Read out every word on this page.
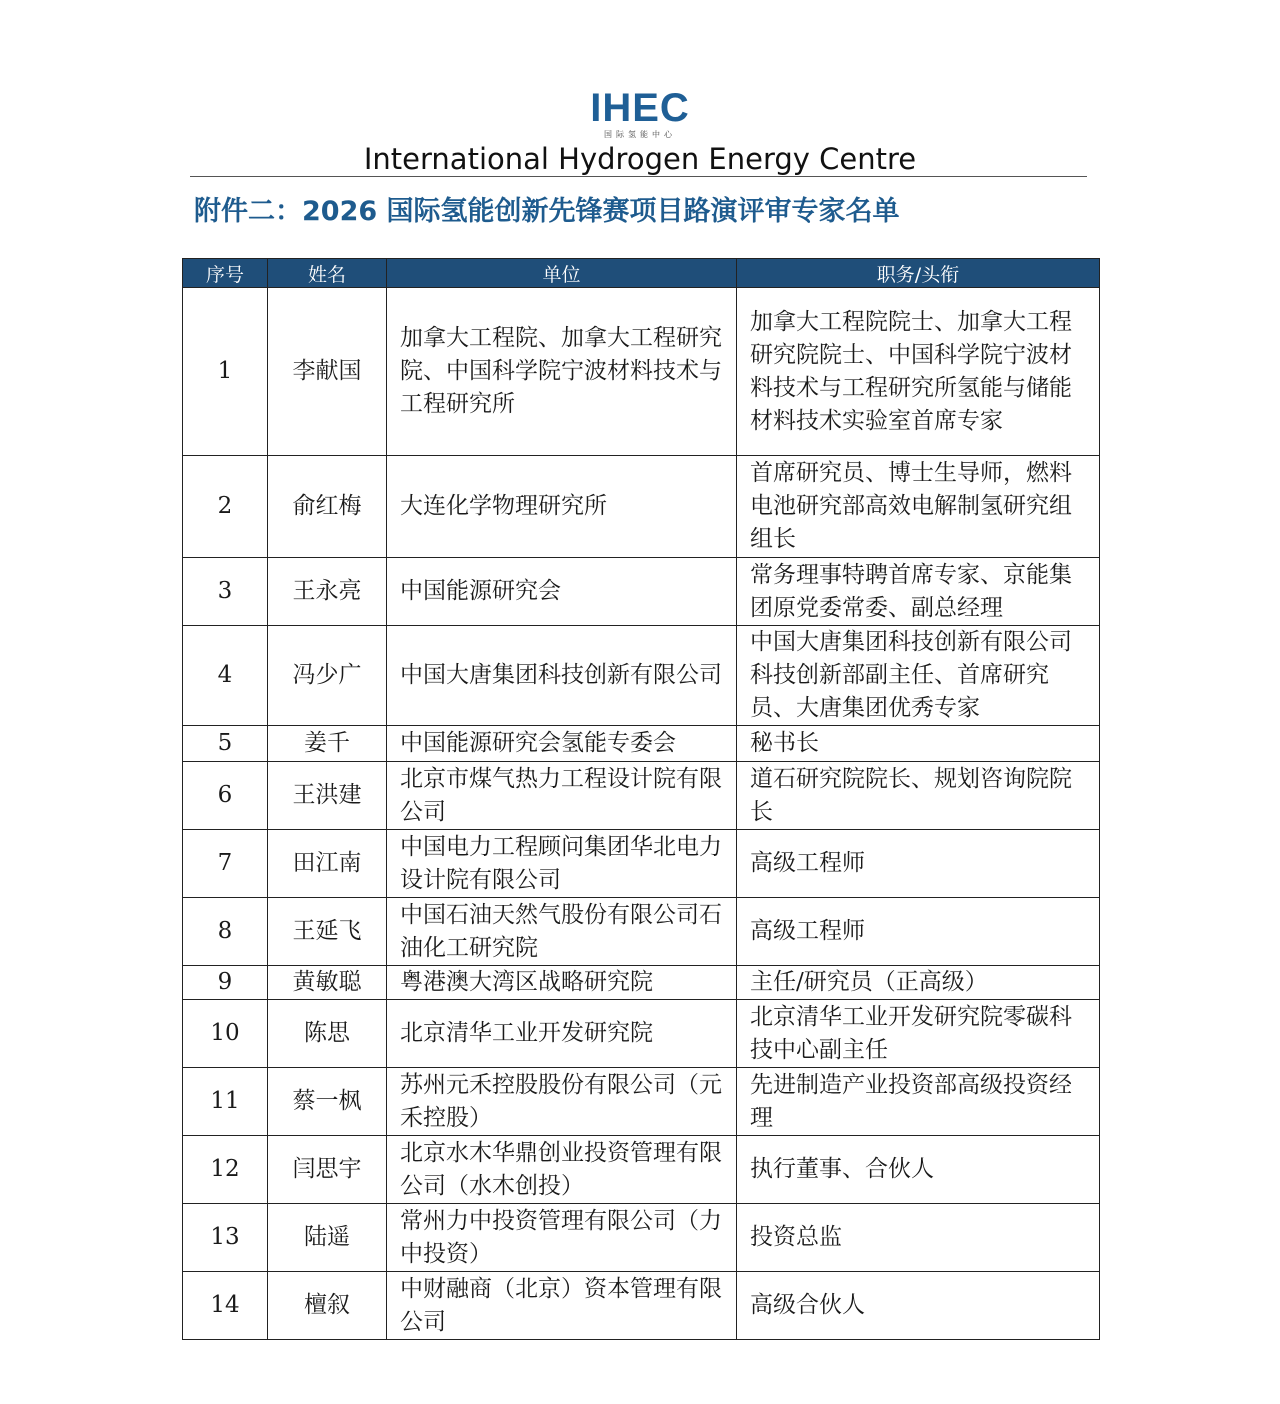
IHEC
国际氢能中心
International Hydrogen Energy Centre
附件二：2026 国际氢能创新先锋赛项目路演评审专家名单
序号	姓名	单位	职务/头衔
1	李献国	加拿大工程院、加拿大工程研究院、中国科学院宁波材料技术与工程研究所	加拿大工程院院士、加拿大工程研究院院士、中国科学院宁波材料技术与工程研究所氢能与储能材料技术实验室首席专家
2	俞红梅	大连化学物理研究所	首席研究员、博士生导师，燃料电池研究部高效电解制氢研究组组长
3	王永亮	中国能源研究会	常务理事特聘首席专家、京能集团原党委常委、副总经理
4	冯少广	中国大唐集团科技创新有限公司	中国大唐集团科技创新有限公司科技创新部副主任、首席研究员、大唐集团优秀专家
5	姜千	中国能源研究会氢能专委会	秘书长
6	王洪建	北京市煤气热力工程设计院有限公司	道石研究院院长、规划咨询院院长
7	田江南	中国电力工程顾问集团华北电力设计院有限公司	高级工程师
8	王延飞	中国石油天然气股份有限公司石油化工研究院	高级工程师
9	黄敏聪	粤港澳大湾区战略研究院	主任/研究员（正高级）
10	陈思	北京清华工业开发研究院	北京清华工业开发研究院零碳科技中心副主任
11	蔡一枫	苏州元禾控股股份有限公司（元禾控股）	先进制造产业投资部高级投资经理
12	闫思宇	北京水木华鼎创业投资管理有限公司（水木创投）	执行董事、合伙人
13	陆遥	常州力中投资管理有限公司（力中投资）	投资总监
14	檀叙	中财融商（北京）资本管理有限公司	高级合伙人
